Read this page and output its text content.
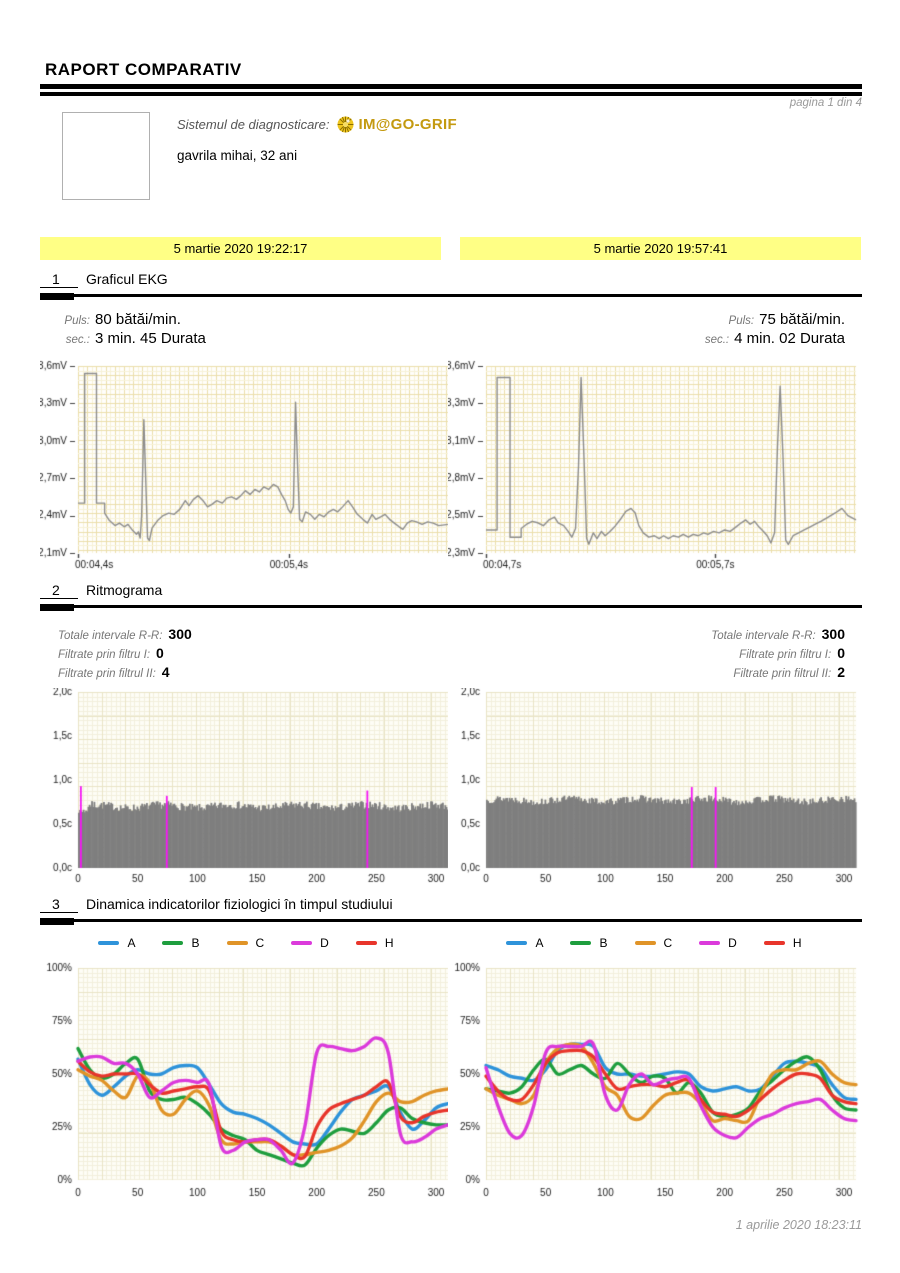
RAPORT COMPARATIV
pagina 1 din 4
Sistemul de diagnosticare: IM@GO-GRIF
gavrila mihai, 32 ani
5 martie 2020 19:22:17	5 martie 2020 19:57:41
1 Graficul EKG
Puls: 80 bătăi/min.
sec.: 3 min. 45 Durata
Puls: 75 bătăi/min.
sec.: 4 min. 02 Durata
2 Ritmograma
Totale intervale R-R: 300
Filtrate prin filtru I: 0
Filtrate prin filtrul II: 4
Totale intervale R-R: 300
Filtrate prin filtru I: 0
Filtrate prin filtrul II: 2
3 Dinamica indicatorilor fiziologici în timpul studiului
A	B	C	D	H	A	B	C	D	H
1 aprilie 2020 18:23:11
